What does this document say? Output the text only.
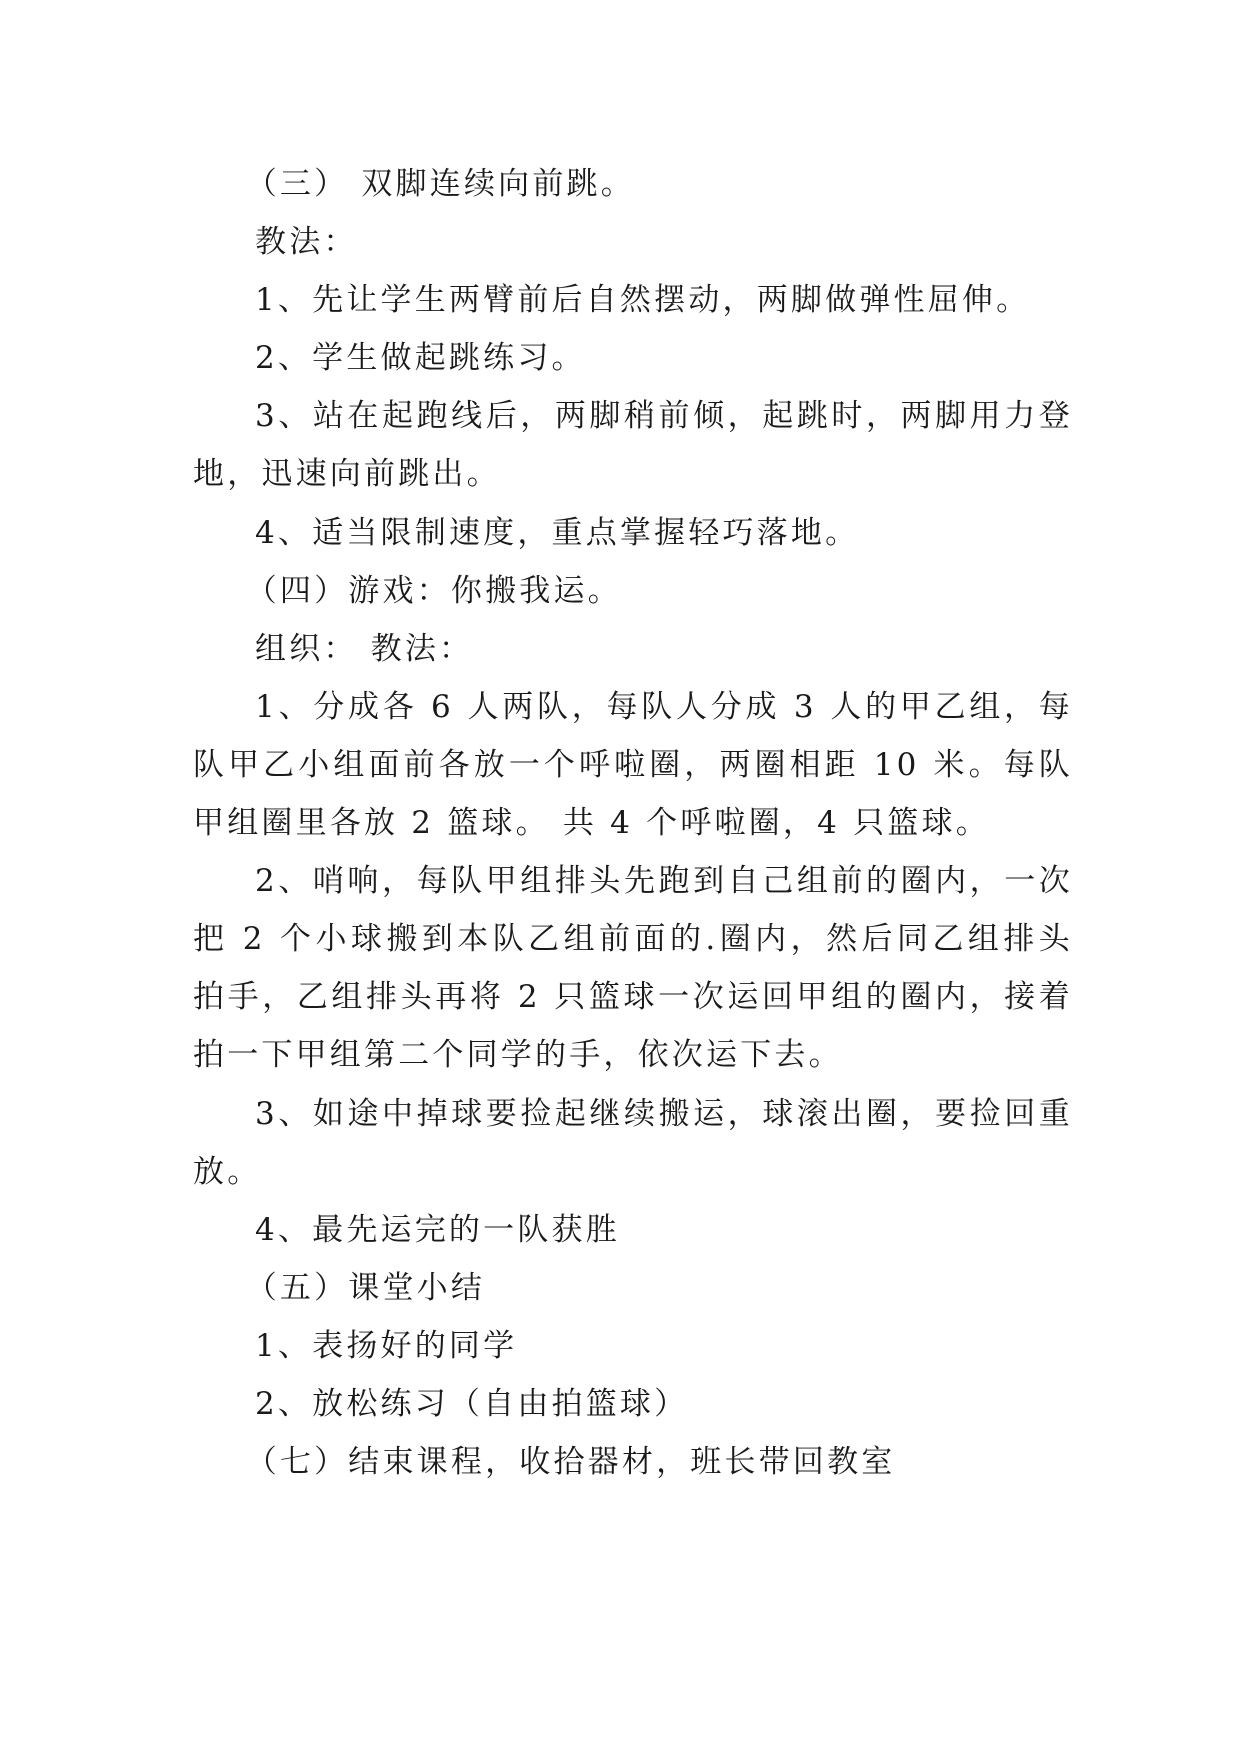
（三） 双脚连续向前跳。

教法：

1、先让学生两臂前后自然摆动，两脚做弹性屈伸。

2、学生做起跳练习。

3、站在起跑线后，两脚稍前倾，起跳时，两脚用力登地，迅速向前跳出。

4、适当限制速度，重点掌握轻巧落地。

（四）游戏：你搬我运。

组织： 教法：

1、分成各 6 人两队，每队人分成 3 人的甲乙组，每队甲乙小组面前各放一个呼啦圈，两圈相距 10 米。每队甲组圈里各放 2 篮球。 共 4 个呼啦圈，4 只篮球。

2、哨响，每队甲组排头先跑到自己组前的圈内，一次把 2 个小球搬到本队乙组前面的.圈内，然后同乙组排头拍手，乙组排头再将 2 只篮球一次运回甲组的圈内，接着拍一下甲组第二个同学的手，依次运下去。

3、如途中掉球要捡起继续搬运，球滚出圈，要捡回重放。

4、最先运完的一队获胜

（五）课堂小结

1、表扬好的同学

2、放松练习（自由拍篮球）

（七）结束课程，收拾器材，班长带回教室
